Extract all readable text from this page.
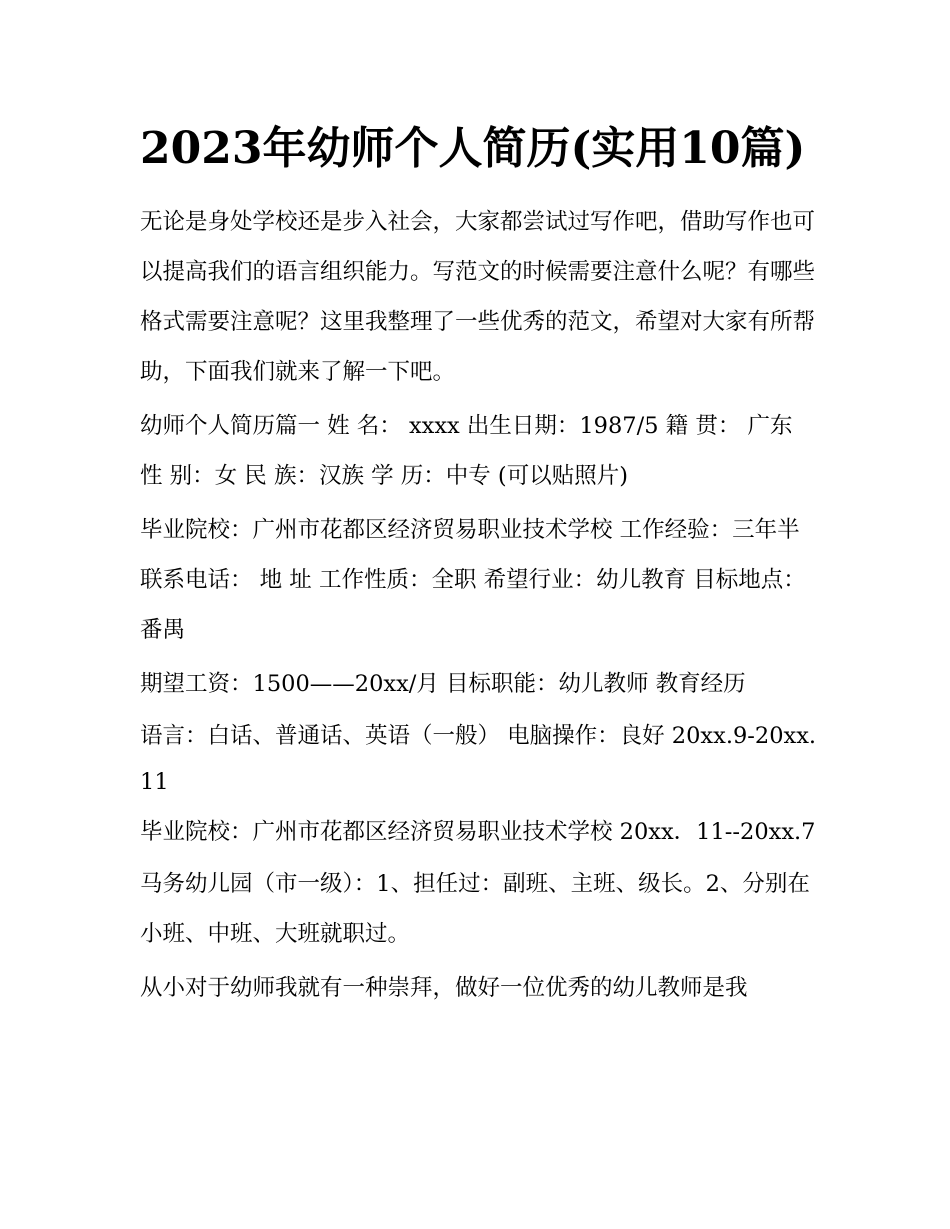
2023年幼师个人简历(实用10篇)

无论是身处学校还是步入社会，大家都尝试过写作吧，借助写作也可以提高我们的语言组织能力。写范文的时候需要注意什么呢？有哪些格式需要注意呢？这里我整理了一些优秀的范文，希望对大家有所帮助，下面我们就来了解一下吧。

幼师个人简历篇一 姓 名： xxxx 出生日期：1987/5 籍 贯： 广东 性 别：女 民 族：汉族 学 历：中专 (可以贴照片)

毕业院校：广州市花都区经济贸易职业技术学校 工作经验：三年半 联系电话： 地 址 工作性质：全职 希望行业：幼儿教育 目标地点：番禺

期望工资：1500——20xx/月 目标职能：幼儿教师 教育经历

语言：白话、普通话、英语（一般） 电脑操作：良好 20xx.9-20xx.11

毕业院校：广州市花都区经济贸易职业技术学校 20xx．11--20xx.7

马务幼儿园（市一级）：1、担任过：副班、主班、级长。2、分别在小班、中班、大班就职过。

从小对于幼师我就有一种崇拜，做好一位优秀的幼儿教师是我
